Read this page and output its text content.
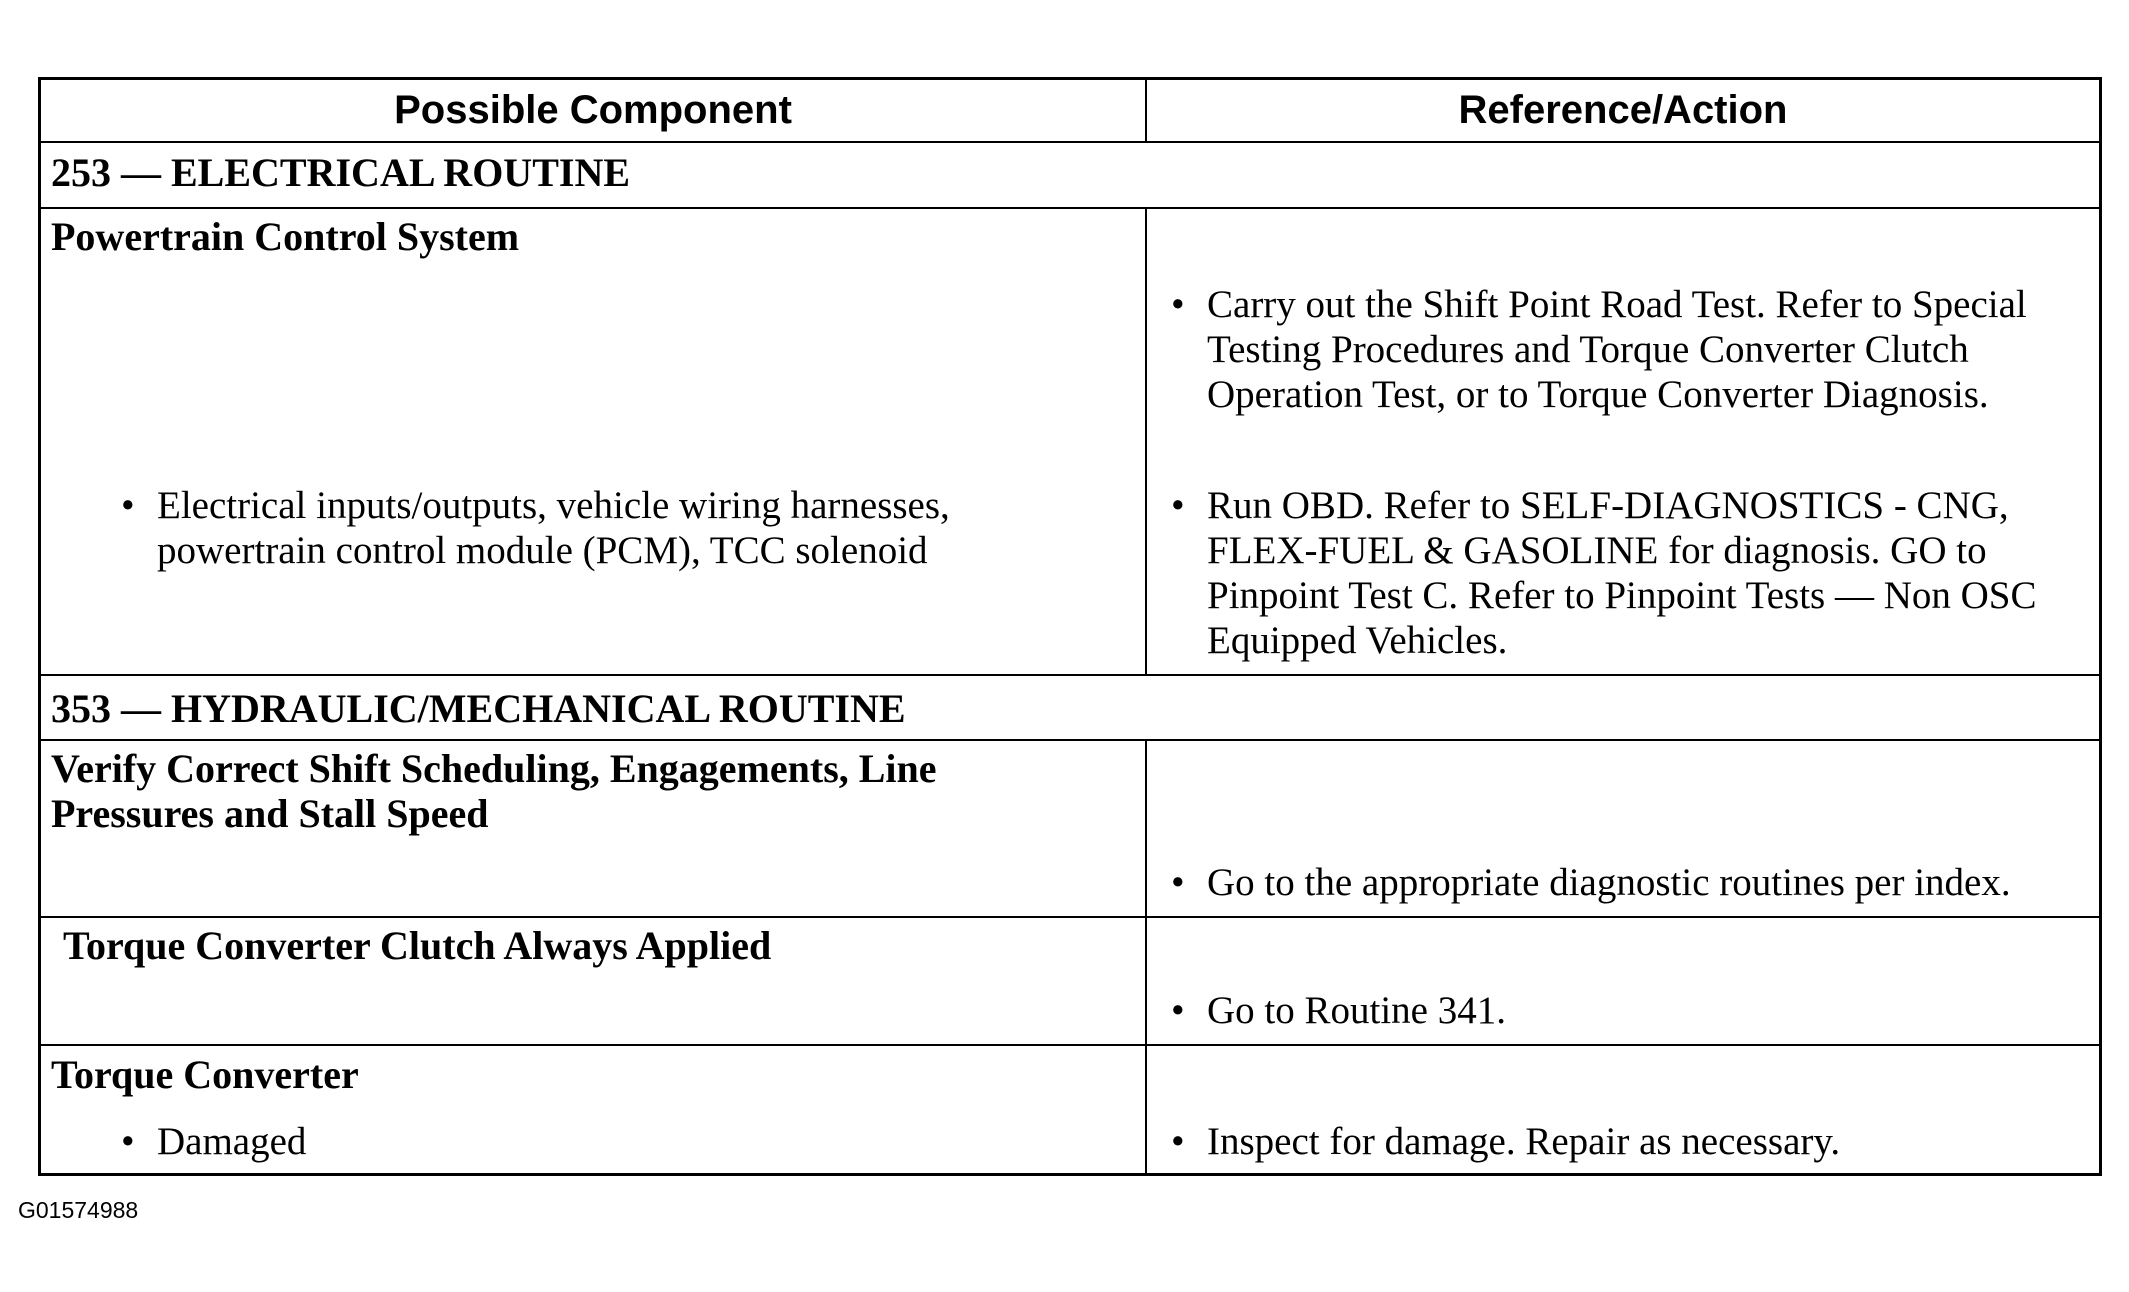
Possible Component	Reference/Action
253 — ELECTRICAL ROUTINE
Powertrain Control System
• Carry out the Shift Point Road Test. Refer to Special Testing Procedures and Torque Converter Clutch Operation Test, or to Torque Converter Diagnosis.
• Electrical inputs/outputs, vehicle wiring harnesses, powertrain control module (PCM), TCC solenoid
• Run OBD. Refer to SELF-DIAGNOSTICS - CNG, FLEX-FUEL & GASOLINE for diagnosis. GO to Pinpoint Test C. Refer to Pinpoint Tests — Non OSC Equipped Vehicles.
353 — HYDRAULIC/MECHANICAL ROUTINE
Verify Correct Shift Scheduling, Engagements, Line Pressures and Stall Speed
• Go to the appropriate diagnostic routines per index.
Torque Converter Clutch Always Applied
• Go to Routine 341.
Torque Converter
• Damaged	• Inspect for damage. Repair as necessary.
G01574988
